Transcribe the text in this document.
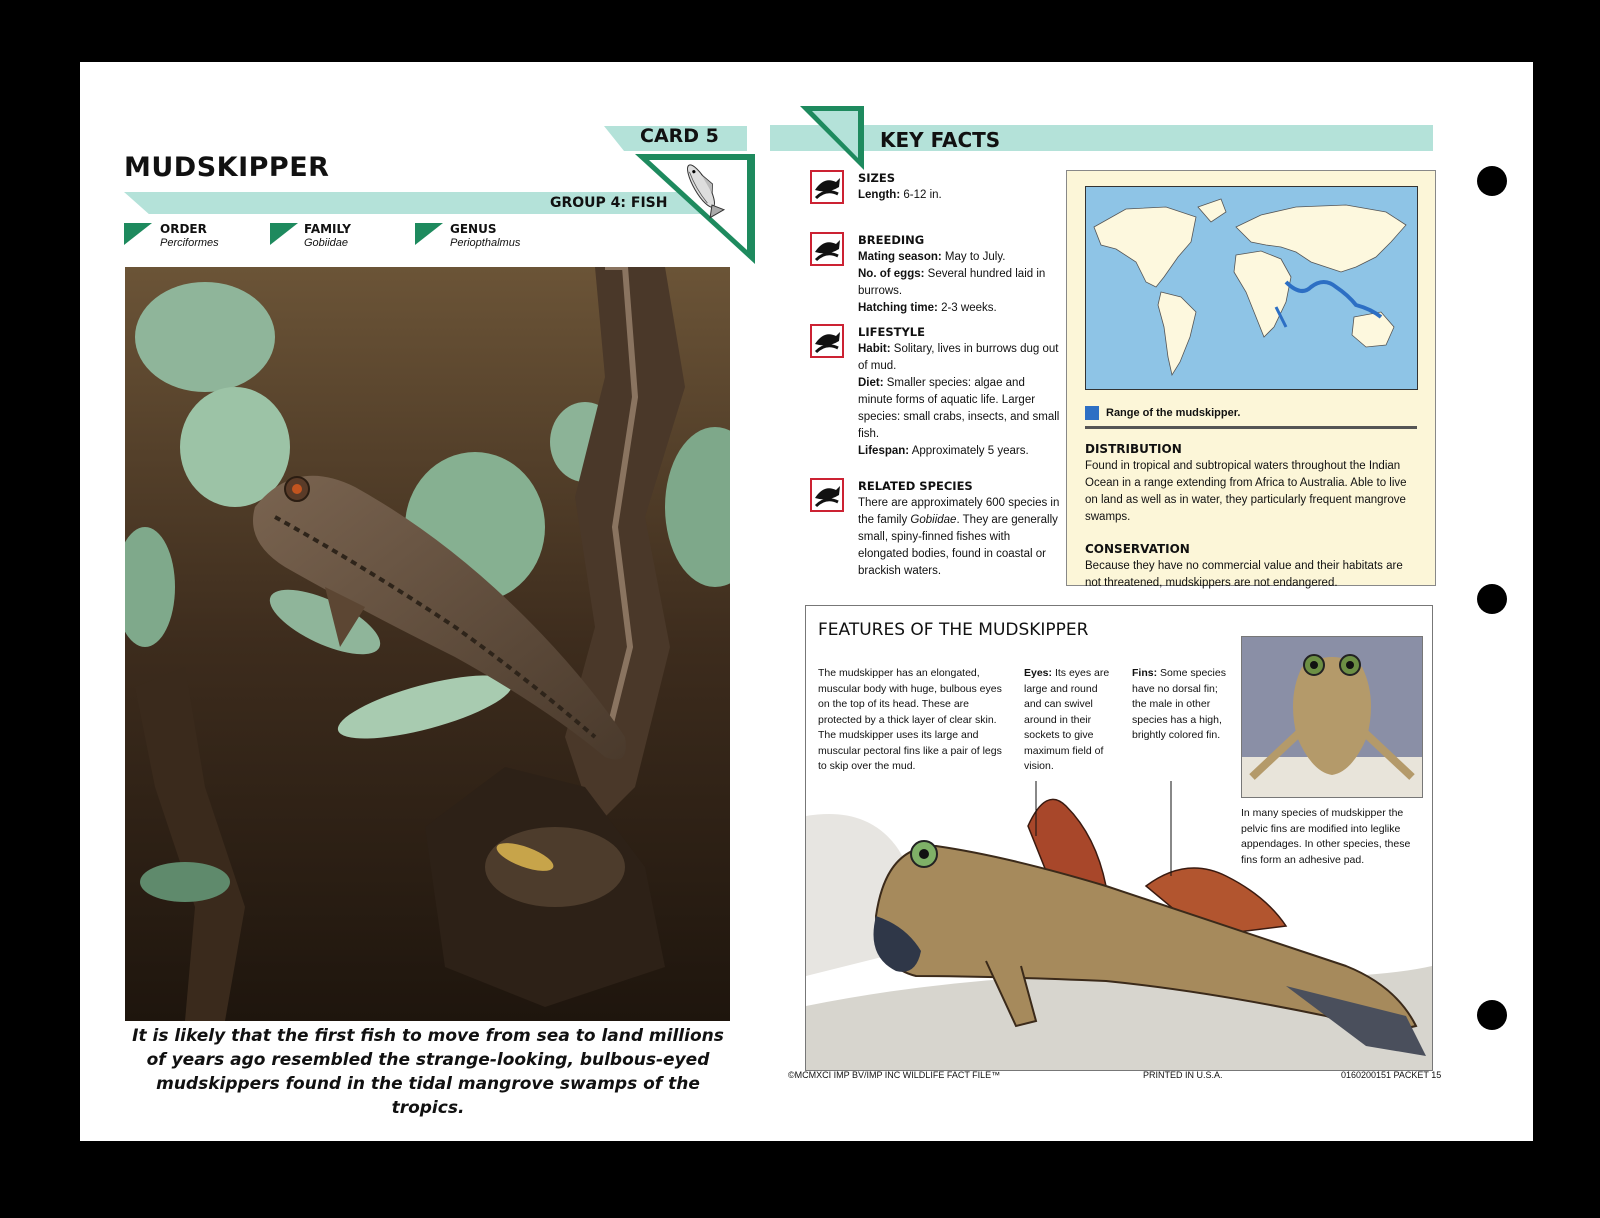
CARD 5
MUDSKIPPER
GROUP 4: FISH
ORDER
Perciformes
FAMILY
Gobiidae
GENUS
Periopthalmus
It is likely that the first fish to move from sea to land millions of years ago resembled the strange-looking, bulbous-eyed mudskippers found in the tidal mangrove swamps of the tropics.
KEY FACTS
SIZES
Length: 6-12 in.
BREEDING
Mating season: May to July.
No. of eggs: Several hundred laid in burrows.
Hatching time: 2-3 weeks.
LIFESTYLE
Habit: Solitary, lives in burrows dug out of mud.
Diet: Smaller species: algae and minute forms of aquatic life. Larger species: small crabs, insects, and small fish.
Lifespan: Approximately 5 years.
RELATED SPECIES
There are approximately 600 species in the family Gobiidae. They are generally small, spiny-finned fishes with elongated bodies, found in coastal or brackish waters.
Range of the mudskipper.
DISTRIBUTION
Found in tropical and subtropical waters throughout the Indian Ocean in a range extending from Africa to Australia. Able to live on land as well as in water, they particularly frequent mangrove swamps.
CONSERVATION
Because they have no commercial value and their habitats are not threatened, mudskippers are not endangered.
FEATURES OF THE MUDSKIPPER
The mudskipper has an elongated, muscular body with huge, bulbous eyes on the top of its head. These are protected by a thick layer of clear skin. The mudskipper uses its large and muscular pectoral fins like a pair of legs to skip over the mud.
Eyes: Its eyes are large and round and can swivel around in their sockets to give maximum field of vision.
Fins: Some species have no dorsal fin; the male in other species has a high, brightly colored fin.
In many species of mudskipper the pelvic fins are modified into leglike appendages. In other species, these fins form an adhesive pad.
©MCMXCI IMP BV/IMP INC WILDLIFE FACT FILE™	PRINTED IN U.S.A.	0160200151 PACKET 15
